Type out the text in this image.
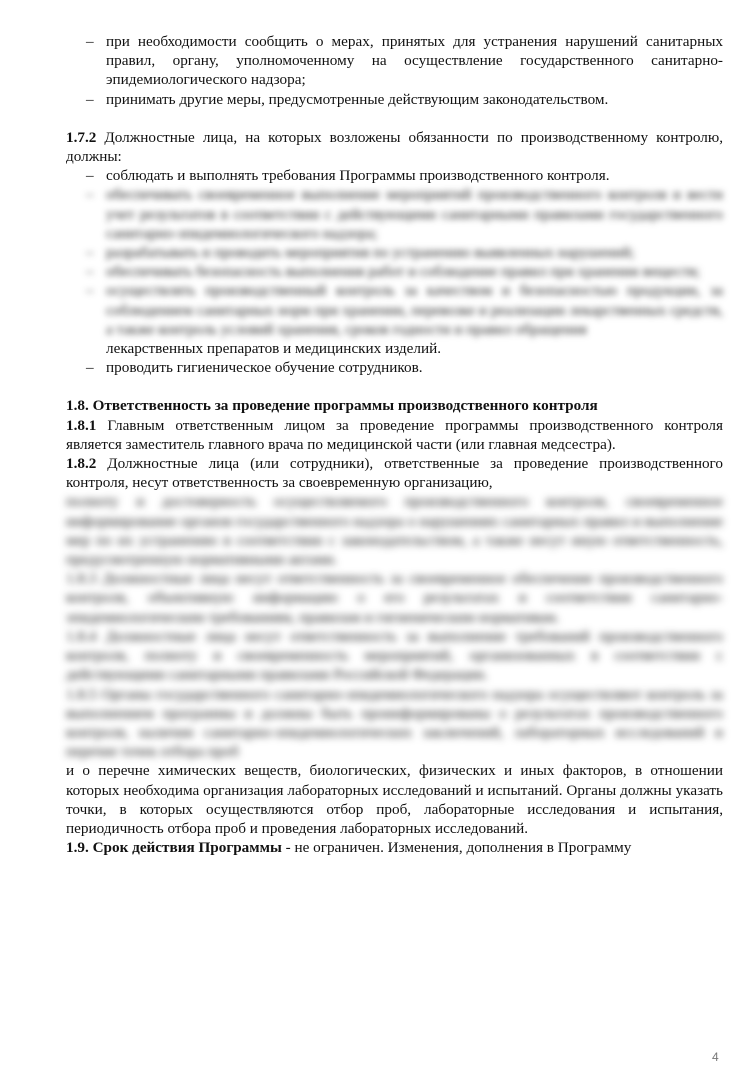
– при необходимости сообщить о мерах, принятых для устранения нарушений санитарных правил, органу, уполномоченному на осуществление государственного санитарно-эпидемиологического надзора;
– принимать другие меры, предусмотренные действующим законодательством.

1.7.2 Должностные лица, на которых возложены обязанности по производственному контролю, должны:

– соблюдать и выполнять требования Программы производственного контроля.
– обеспечивать своевременное выполнение мероприятий производственного контроля и вести учет результатов в соответствии с действующими санитарными правилами государственного санитарно-эпидемиологического надзора;
– разрабатывать и проводить мероприятия по устранению выявленных нарушений;
– обеспечивать безопасность выполнения работ и соблюдение правил при хранении веществ;
– осуществлять производственный контроль за качеством и безопасностью продукции, за соблюдением санитарных норм при хранении, перевозке и реализации лекарственных средств, а также контроль условий хранения, сроков годности и правил обращения
лекарственных препаратов и медицинских изделий.
– проводить гигиеническое обучение сотрудников.

1.8. Ответственность за проведение программы производственного контроля

1.8.1 Главным ответственным лицом за проведение программы производственного контроля является заместитель главного врача по медицинской части (или главная медсестра).

1.8.2 Должностные лица (или сотрудники), ответственные за проведение производственного контроля, несут ответственность за своевременную организацию,

полноту и достоверность осуществляемого производственного контроля, своевременное информирование органов государственного надзора о нарушениях санитарных правил и выполнение мер по их устранению в соответствии с законодательством, а также несут иную ответственность, предусмотренную нормативными актами.

1.8.3 Должностные лица несут ответственность за своевременное обеспечение производственного контроля, объективную информацию о его результатах и соответствии санитарно-эпидемиологическим требованиям, правилам и гигиеническим нормативам.

1.8.4 Должностные лица несут ответственность за выполнение требований производственного контроля, полноту и своевременность мероприятий, организованных в соответствии с действующими санитарными правилами Российской Федерации.

1.8.5 Органы государственного санитарно-эпидемиологического надзора осуществляют контроль за выполнением программы и должны быть проинформированы о результатах производственного контроля, наличии санитарно-эпидемиологических заключений, лабораторных исследований и перечне точек отбора проб

и о перечне химических веществ, биологических, физических и иных факторов, в отношении которых необходима организация лабораторных исследований и испытаний. Органы должны указать точки, в которых осуществляются отбор проб, лабораторные исследования и испытания, периодичность отбора проб и проведения лабораторных исследований.

1.9. Срок действия Программы - не ограничен. Изменения, дополнения в Программу

4
